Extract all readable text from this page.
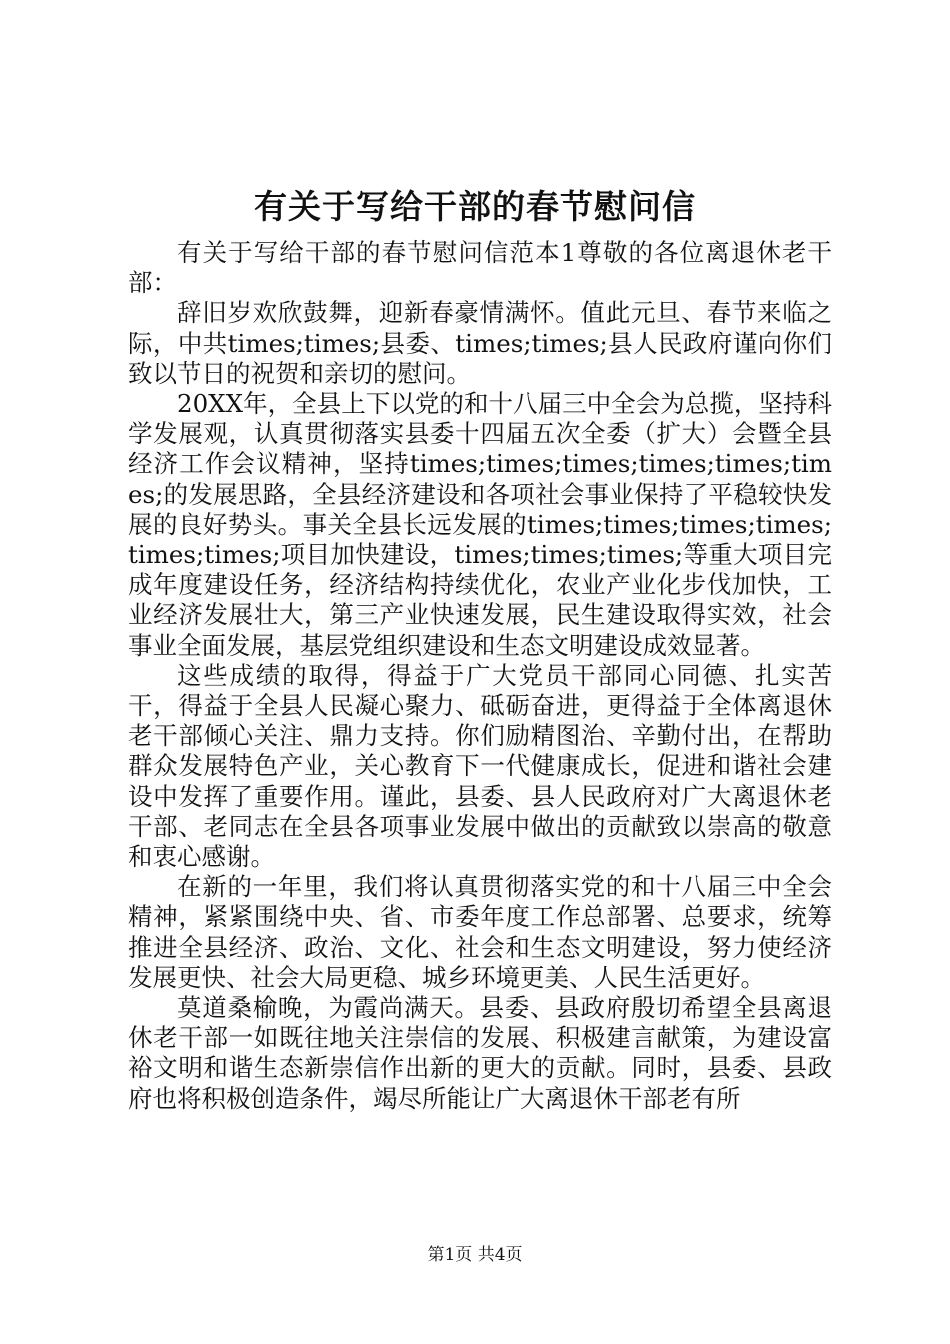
有关于写给干部的春节慰问信

有关于写给干部的春节慰问信范本1尊敬的各位离退休老干部：

辞旧岁欢欣鼓舞，迎新春豪情满怀。值此元旦、春节来临之际，中共times;times;县委、times;times;县人民政府谨向你们致以节日的祝贺和亲切的慰问。

20XX年，全县上下以党的和十八届三中全会为总揽，坚持科学发展观，认真贯彻落实县委十四届五次全委（扩大）会暨全县经济工作会议精神，坚持times;times;times;times;times;times;的发展思路，全县经济建设和各项社会事业保持了平稳较快发展的良好势头。事关全县长远发展的times;times;times;times;times;times;项目加快建设，times;times;times;等重大项目完成年度建设任务，经济结构持续优化，农业产业化步伐加快，工业经济发展壮大，第三产业快速发展，民生建设取得实效，社会事业全面发展，基层党组织建设和生态文明建设成效显著。

这些成绩的取得，得益于广大党员干部同心同德、扎实苦干，得益于全县人民凝心聚力、砥砺奋进，更得益于全体离退休老干部倾心关注、鼎力支持。你们励精图治、辛勤付出，在帮助群众发展特色产业，关心教育下一代健康成长，促进和谐社会建设中发挥了重要作用。谨此，县委、县人民政府对广大离退休老干部、老同志在全县各项事业发展中做出的贡献致以崇高的敬意和衷心感谢。

在新的一年里，我们将认真贯彻落实党的和十八届三中全会精神，紧紧围绕中央、省、市委年度工作总部署、总要求，统筹推进全县经济、政治、文化、社会和生态文明建设，努力使经济发展更快、社会大局更稳、城乡环境更美、人民生活更好。

莫道桑榆晚，为霞尚满天。县委、县政府殷切希望全县离退休老干部一如既往地关注崇信的发展、积极建言献策，为建设富裕文明和谐生态新崇信作出新的更大的贡献。同时，县委、县政府也将积极创造条件，竭尽所能让广大离退休干部老有所

第1页 共4页
